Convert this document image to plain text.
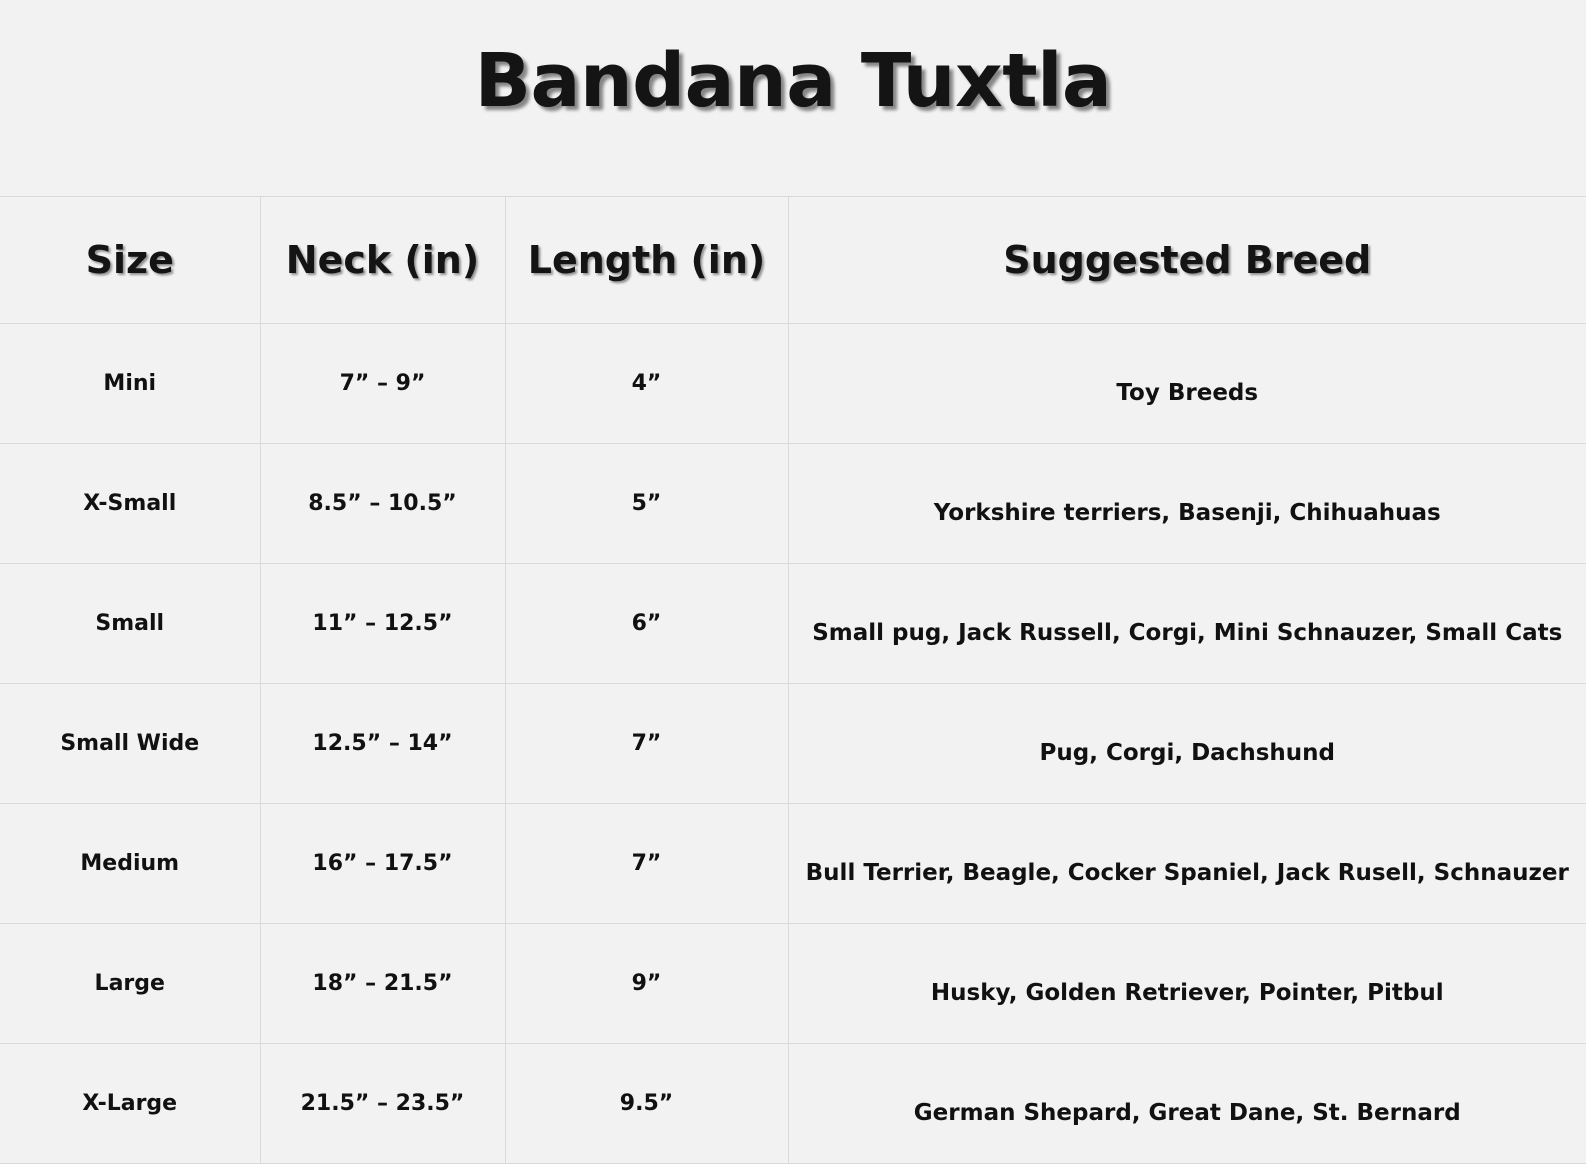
Bandana Tuxtla
Size	Neck (in)	Length (in)	Suggested Breed
Mini	7” – 9”	4”	Toy Breeds
X-Small	8.5” – 10.5”	5”	Yorkshire terriers, Basenji, Chihuahuas
Small	11” – 12.5”	6”	Small pug, Jack Russell, Corgi, Mini Schnauzer, Small Cats
Small Wide	12.5” – 14”	7”	Pug, Corgi, Dachshund
Medium	16” – 17.5”	7”	Bull Terrier, Beagle, Cocker Spaniel, Jack Rusell, Schnauzer
Large	18” – 21.5”	9”	Husky, Golden Retriever, Pointer, Pitbul
X-Large	21.5” – 23.5”	9.5”	German Shepard, Great Dane, St. Bernard
